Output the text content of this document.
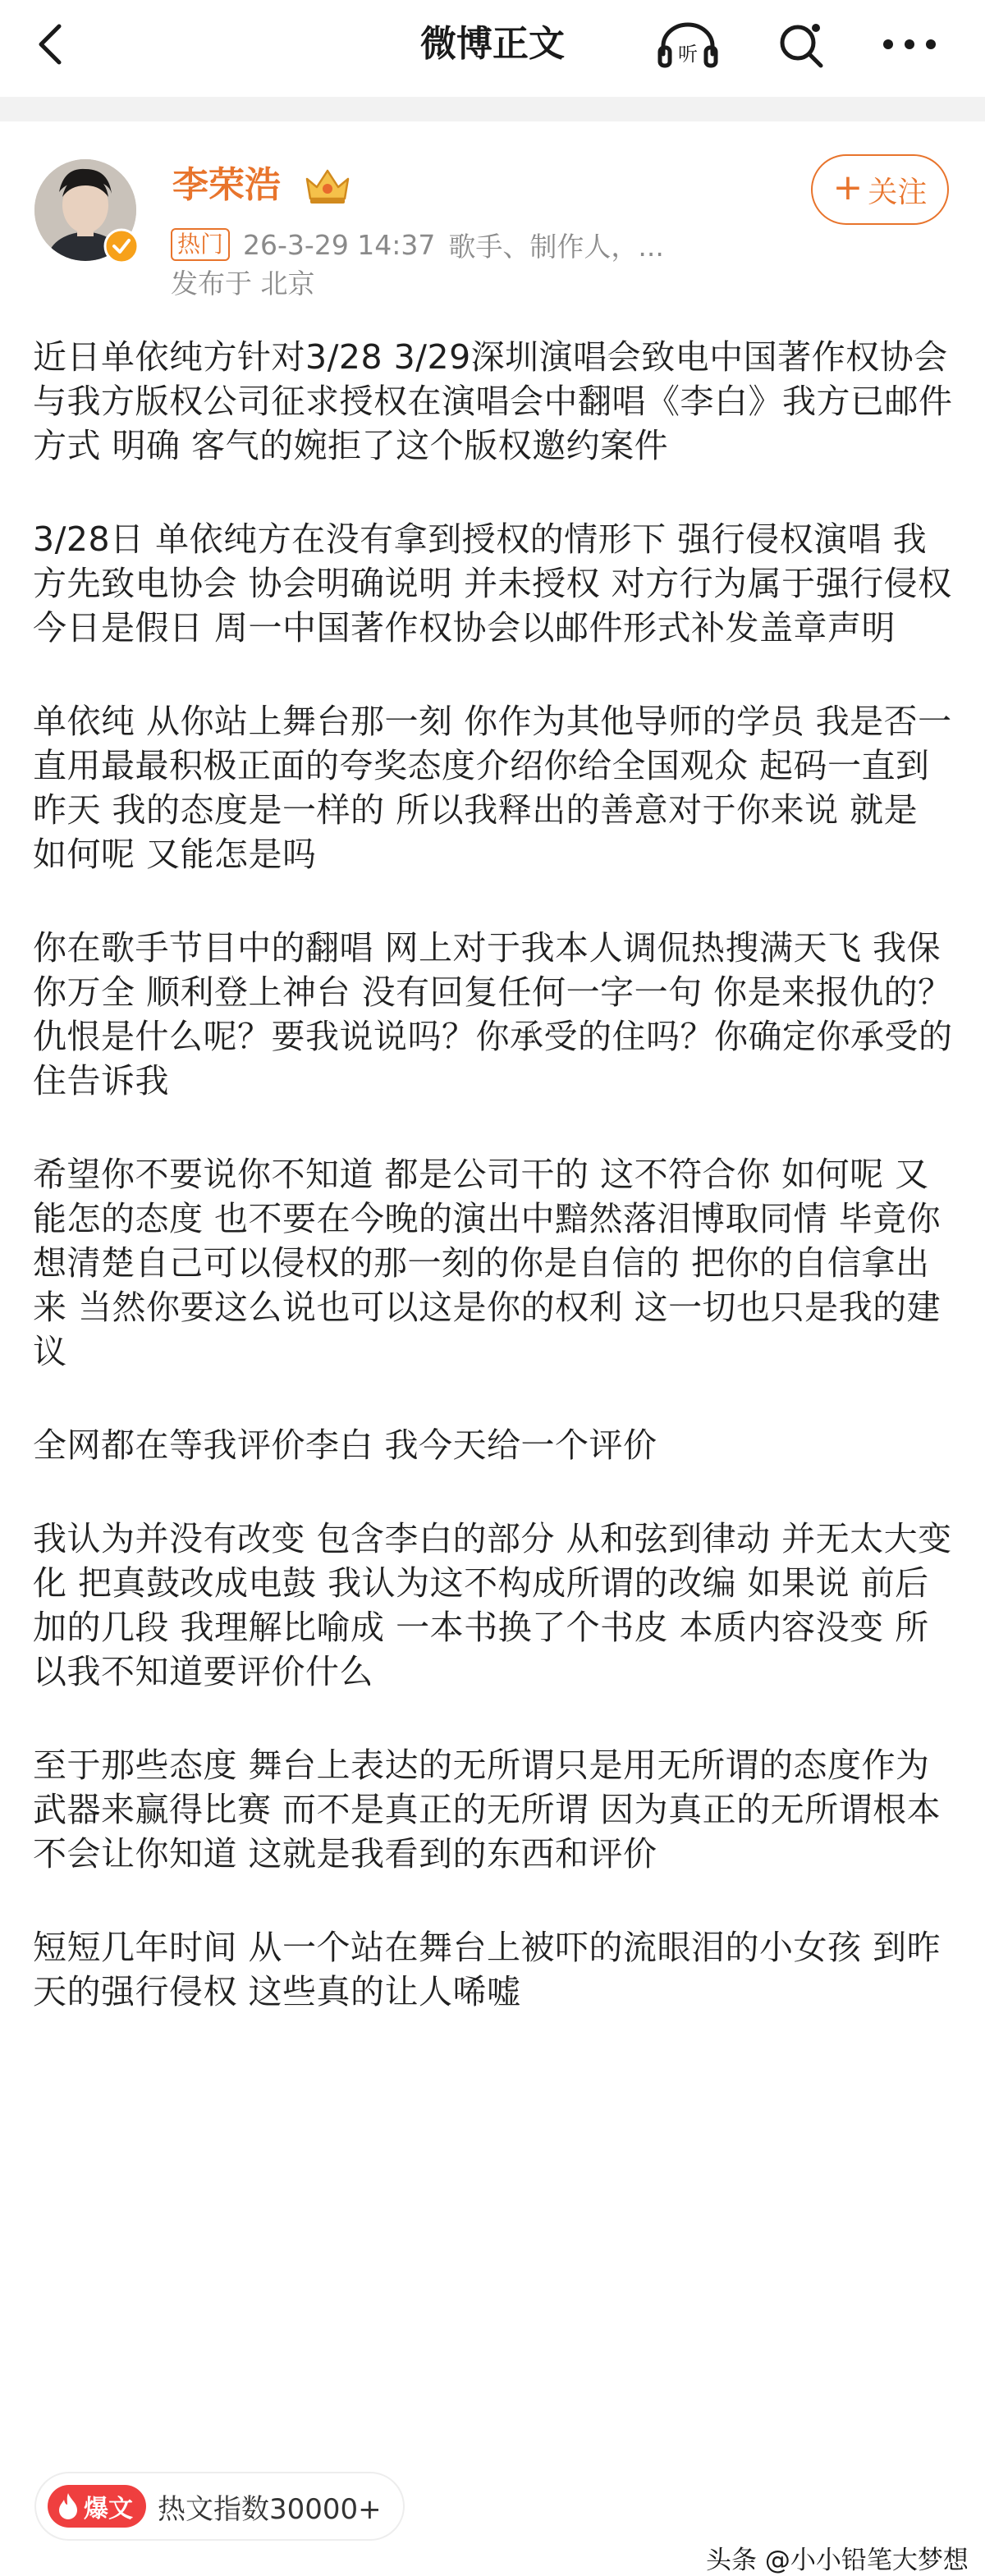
微博正文	听
李荣浩
热门 26-3-29 14:37 歌手、制作人，...
发布于 北京
+ 关注

近日单依纯方针对3/28 3/29深圳演唱会致电中国著作权协会与我方版权公司征求授权在演唱会中翻唱《李白》我方已邮件方式 明确 客气的婉拒了这个版权邀约案件

3/28日 单依纯方在没有拿到授权的情形下 强行侵权演唱 我方先致电协会 协会明确说明 并未授权 对方行为属于强行侵权 今日是假日 周一中国著作权协会以邮件形式补发盖章声明

单依纯 从你站上舞台那一刻 你作为其他导师的学员 我是否一直用最最积极正面的夸奖态度介绍你给全国观众 起码一直到昨天 我的态度是一样的 所以我释出的善意对于你来说 就是 如何呢 又能怎是吗

你在歌手节目中的翻唱 网上对于我本人调侃热搜满天飞 我保你万全 顺利登上神台 没有回复任何一字一句 你是来报仇的？仇恨是什么呢？要我说说吗？你承受的住吗？你确定你承受的住告诉我

希望你不要说你不知道 都是公司干的 这不符合你 如何呢 又能怎的态度 也不要在今晚的演出中黯然落泪博取同情 毕竟你想清楚自己可以侵权的那一刻的你是自信的 把你的自信拿出来 当然你要这么说也可以这是你的权利 这一切也只是我的建议

全网都在等我评价李白 我今天给一个评价

我认为并没有改变 包含李白的部分 从和弦到律动 并无太大变化 把真鼓改成电鼓 我认为这不构成所谓的改编 如果说 前后加的几段 我理解比喻成 一本书换了个书皮 本质内容没变 所以我不知道要评价什么

至于那些态度 舞台上表达的无所谓只是用无所谓的态度作为武器来赢得比赛 而不是真正的无所谓 因为真正的无所谓根本不会让你知道 这就是我看到的东西和评价

短短几年时间 从一个站在舞台上被吓的流眼泪的小女孩 到昨天的强行侵权 这些真的让人唏嘘

爆文 热文指数30000+
头条 @小小铅笔大梦想
